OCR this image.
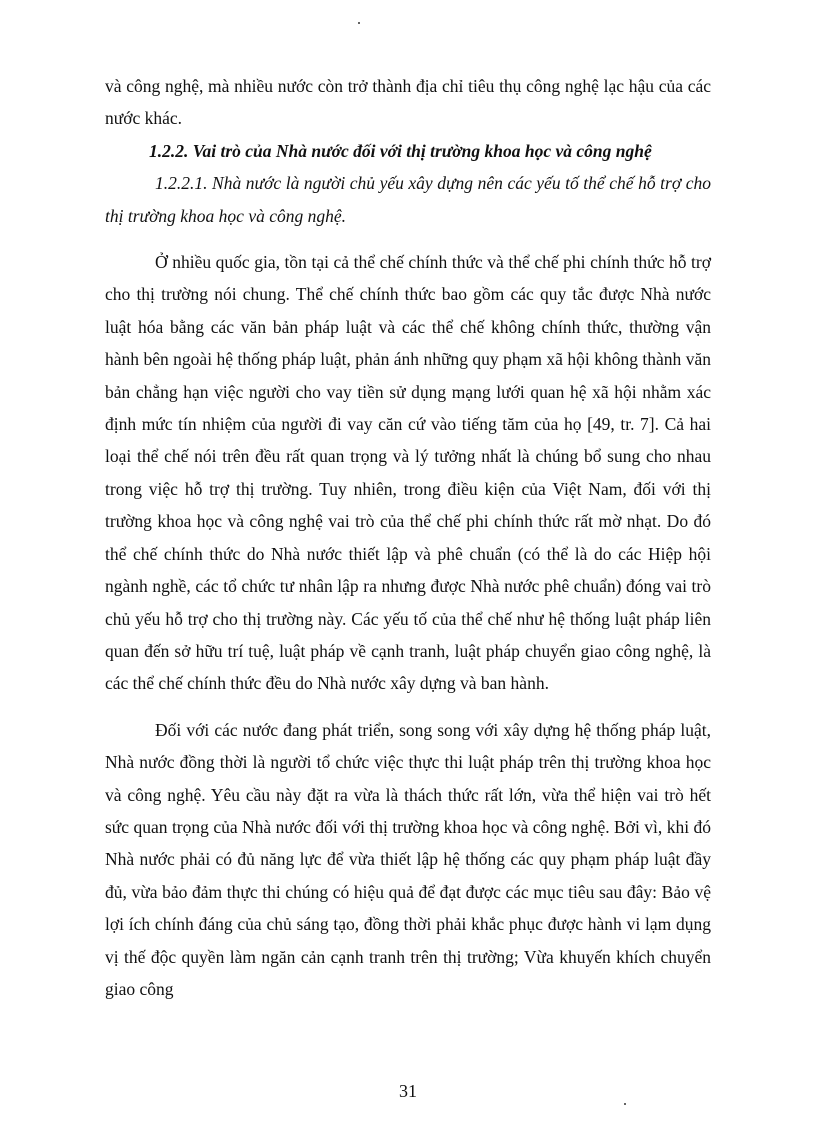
và công nghệ, mà nhiều nước còn trở thành địa chỉ tiêu thụ công nghệ lạc hậu của các nước khác.

1.2.2. Vai trò của Nhà nước đối với thị trường khoa học và công nghệ

1.2.2.1. Nhà nước là người chủ yếu xây dựng nên các yếu tố thể chế hỗ trợ cho thị trường khoa học và công nghệ.

Ở nhiều quốc gia, tồn tại cả thể chế chính thức và thể chế phi chính thức hỗ trợ cho thị trường nói chung. Thể chế chính thức bao gồm các quy tắc được Nhà nước luật hóa bằng các văn bản pháp luật và các thể chế không chính thức, thường vận hành bên ngoài hệ thống pháp luật, phản ánh những quy phạm xã hội không thành văn bản chẳng hạn việc người cho vay tiền sử dụng mạng lưới quan hệ xã hội nhằm xác định mức tín nhiệm của người đi vay căn cứ vào tiếng tăm của họ [49, tr. 7]. Cả hai loại thể chế nói trên đều rất quan trọng và lý tưởng nhất là chúng bổ sung cho nhau trong việc hỗ trợ thị trường. Tuy nhiên, trong điều kiện của Việt Nam, đối với thị trường khoa học và công nghệ vai trò của thể chế phi chính thức rất mờ nhạt. Do đó thể chế chính thức do Nhà nước thiết lập và phê chuẩn (có thể là do các Hiệp hội ngành nghề, các tổ chức tư nhân lập ra nhưng được Nhà nước phê chuẩn) đóng vai trò chủ yếu hỗ trợ cho thị trường này. Các yếu tố của thể chế như hệ thống luật pháp liên quan đến sở hữu trí tuệ, luật pháp về cạnh tranh, luật pháp chuyển giao công nghệ, là các thể chế chính thức đều do Nhà nước xây dựng và ban hành.

Đối với các nước đang phát triển, song song với xây dựng hệ thống pháp luật, Nhà nước đồng thời là người tổ chức việc thực thi luật pháp trên thị trường khoa học và công nghệ. Yêu cầu này đặt ra vừa là thách thức rất lớn, vừa thể hiện vai trò hết sức quan trọng của Nhà nước đối với thị trường khoa học và công nghệ. Bởi vì, khi đó Nhà nước phải có đủ năng lực để vừa thiết lập hệ thống các quy phạm pháp luật đầy đủ, vừa bảo đảm thực thi chúng có hiệu quả để đạt được các mục tiêu sau đây: Bảo vệ lợi ích chính đáng của chủ sáng tạo, đồng thời phải khắc phục được hành vi lạm dụng vị thế độc quyền làm ngăn cản cạnh tranh trên thị trường; Vừa khuyến khích chuyển giao công

31
